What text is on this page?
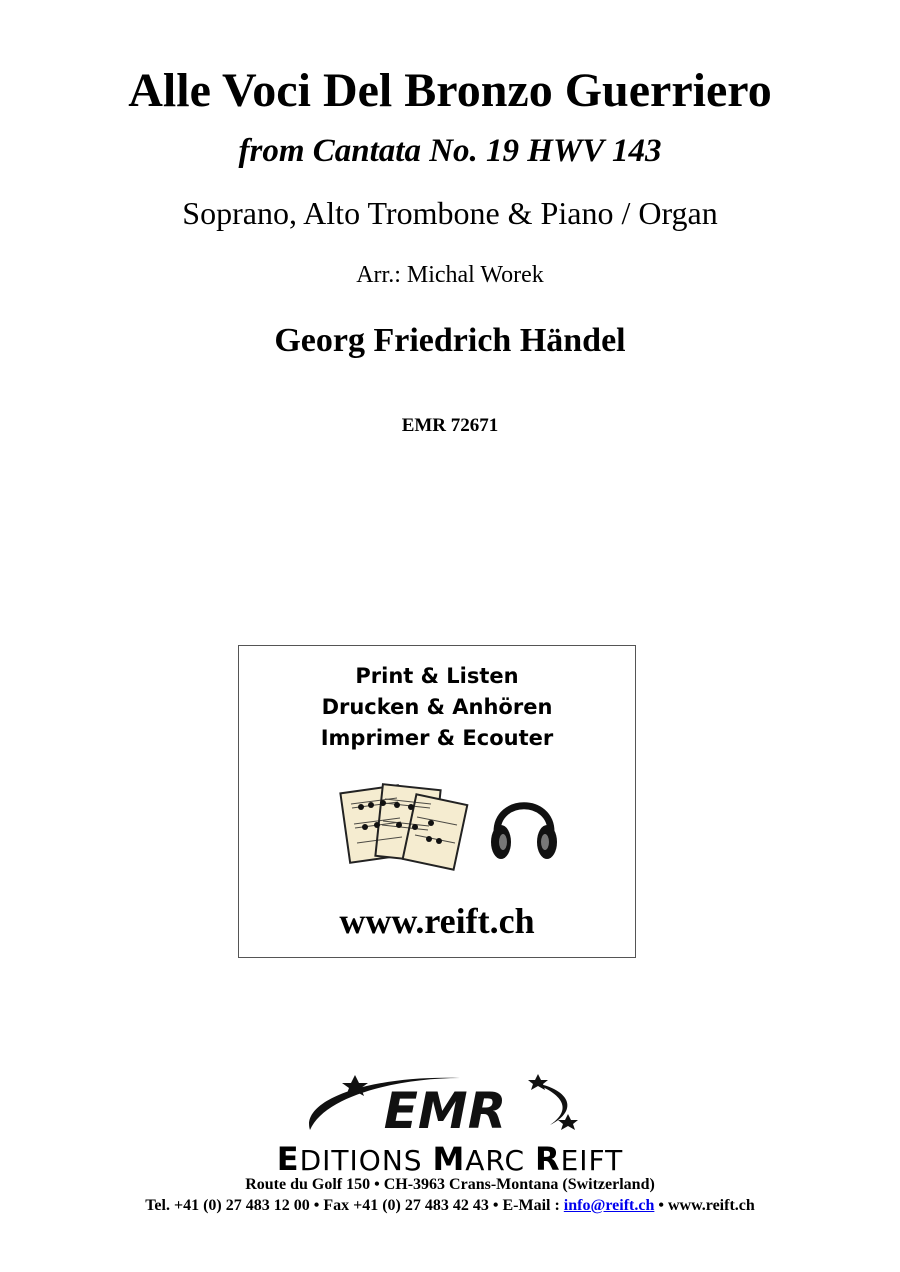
Alle Voci Del Bronzo Guerriero
from Cantata No. 19 HWV 143
Soprano, Alto Trombone & Piano / Organ
Arr.: Michal Worek
Georg Friedrich Händel
EMR 72671
Print & Listen
Drucken & Anhören
Imprimer & Ecouter
www.reift.ch
EMR
EDITIONS MARC REIFT
Route du Golf 150 • CH-3963 Crans-Montana (Switzerland)
Tel. +41 (0) 27 483 12 00 • Fax +41 (0) 27 483 42 43 • E-Mail : info@reift.ch • www.reift.ch
